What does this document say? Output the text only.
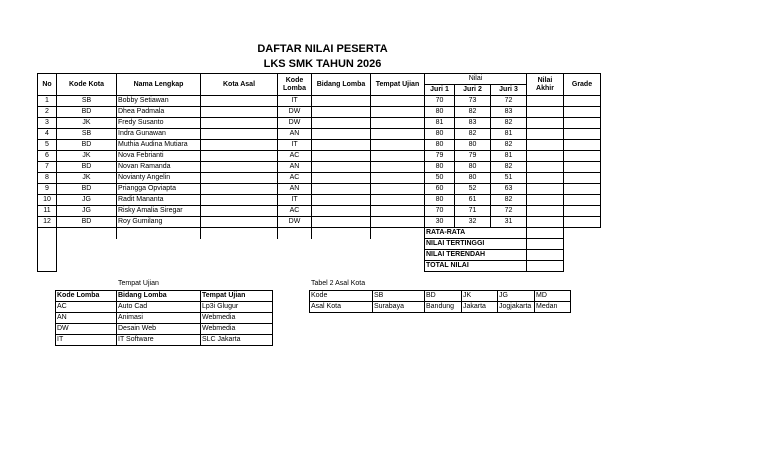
DAFTAR NILAI PESERTA
LKS SMK TAHUN 2026
No	Kode Kota	Nama Lengkap	Kota Asal	Kode Lomba	Bidang Lomba	Tempat Ujian	Nilai			Nilai Akhir	Grade
							Juri 1	Juri 2	Juri 3		
1	SB	Bobby Setiawan		IT			70	73	72		
2	BD	Dhea Padmala		DW			80	82	83		
3	JK	Fredy Susanto		DW			81	83	82		
4	SB	Indra Gunawan		AN			80	82	81		
5	BD	Muthia Audina Mutiara		IT			80	80	82		
6	JK	Nova Febrianti		AC			79	79	81		
7	BD	Novan Ramanda		AN			80	80	82		
8	JK	Novianty Angelin		AC			50	80	51		
9	BD	Priangga Opviapta		AN			60	52	63		
10	JG	Radit Mananta		IT			80	61	82		
11	JG	Risky Amalia Siregar		AC			70	71	72		
12	BD	Roy Gumilang		DW			30	32	31		
							RATA-RATA				
							NILAI TERTINGGI				
							NILAI TERENDAH				
							TOTAL NILAI				
Tempat Ujian
Kode Lomba	Bidang Lomba	Tempat Ujian
AC	Auto Cad	Lp3i Glugur
AN	Animasi	Webmedia
DW	Desain Web	Webmedia
IT	IT Software	SLC Jakarta
Tabel 2 Asal Kota
Kode	SB	BD	JK	JG	MD
Asal Kota	Surabaya	Bandung	Jakarta	Jogjakarta	Medan
